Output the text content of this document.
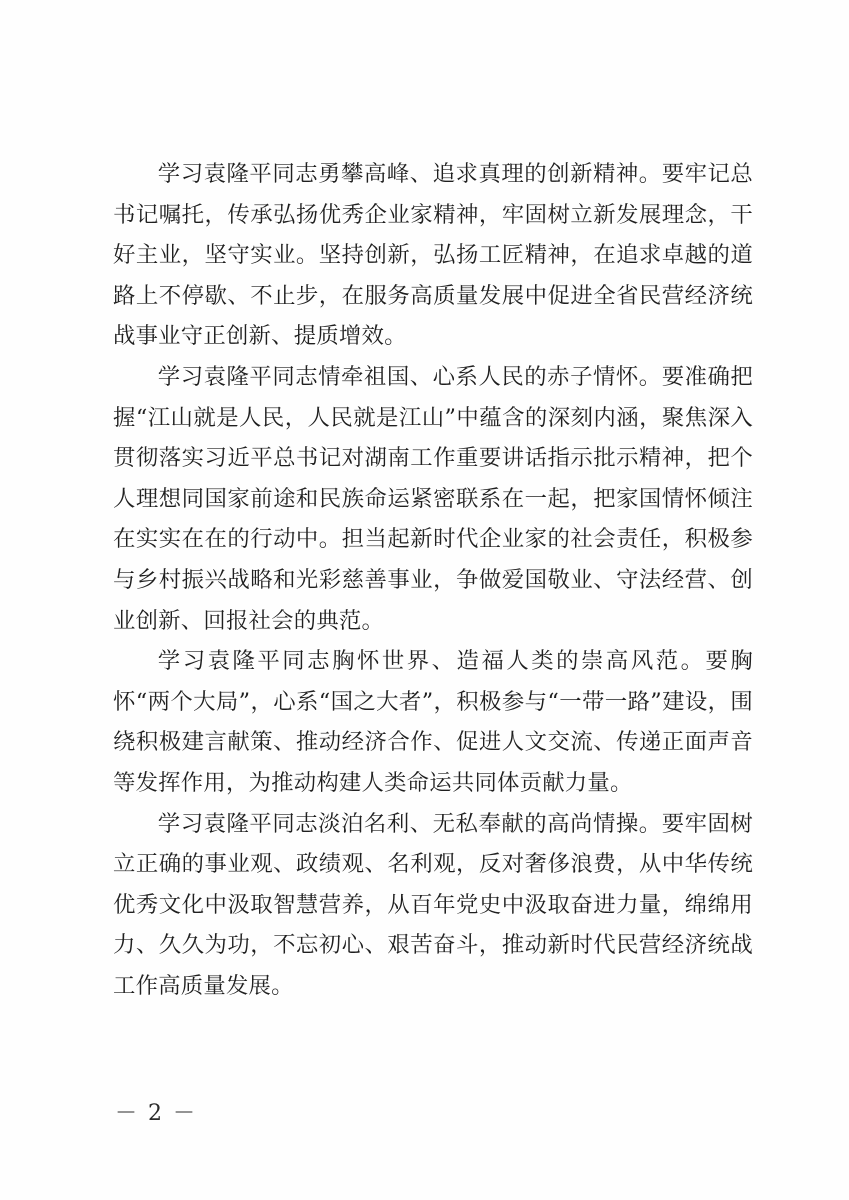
学习袁隆平同志勇攀高峰、追求真理的创新精神。要牢记总书记嘱托，传承弘扬优秀企业家精神，牢固树立新发展理念，干好主业，坚守实业。坚持创新，弘扬工匠精神，在追求卓越的道路上不停歇、不止步，在服务高质量发展中促进全省民营经济统战事业守正创新、提质增效。

学习袁隆平同志情牵祖国、心系人民的赤子情怀。要准确把握“江山就是人民，人民就是江山”中蕴含的深刻内涵，聚焦深入贯彻落实习近平总书记对湖南工作重要讲话指示批示精神，把个人理想同国家前途和民族命运紧密联系在一起，把家国情怀倾注在实实在在的行动中。担当起新时代企业家的社会责任，积极参与乡村振兴战略和光彩慈善事业，争做爱国敬业、守法经营、创业创新、回报社会的典范。

学习袁隆平同志胸怀世界、造福人类的崇高风范。要胸怀“两个大局”，心系“国之大者”，积极参与“一带一路”建设，围绕积极建言献策、推动经济合作、促进人文交流、传递正面声音等发挥作用，为推动构建人类命运共同体贡献力量。

学习袁隆平同志淡泊名利、无私奉献的高尚情操。要牢固树立正确的事业观、政绩观、名利观，反对奢侈浪费，从中华传统优秀文化中汲取智慧营养，从百年党史中汲取奋进力量，绵绵用力、久久为功，不忘初心、艰苦奋斗，推动新时代民营经济统战工作高质量发展。

－ 2 －
